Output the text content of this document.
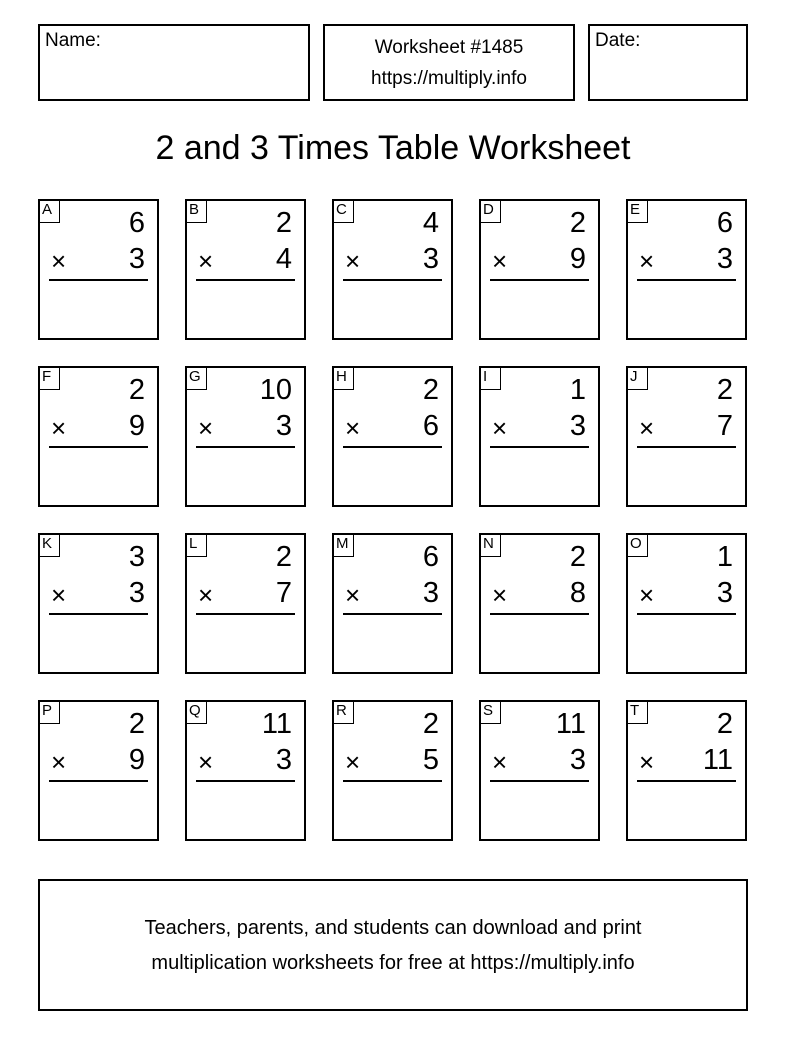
Name:	Worksheet #1485
https://multiply.info
Date:
2 and 3 Times Table Worksheet
A	6
× 3
B	2
× 4
C	4
× 3
D	2
× 9
E	6
× 3
F	2
× 9
G 10
× 3
H	2
× 6
I	1
× 3
J	2
× 7
K	3
× 3
L	2
× 7
M	6
× 3
N	2
× 8
O	1
× 3
P	2
× 9
Q 11
× 3
R	2
× 5
S 11
× 3
T	2
× 11
Teachers, parents, and students can download and print
multiplication worksheets for free at https://multiply.info
